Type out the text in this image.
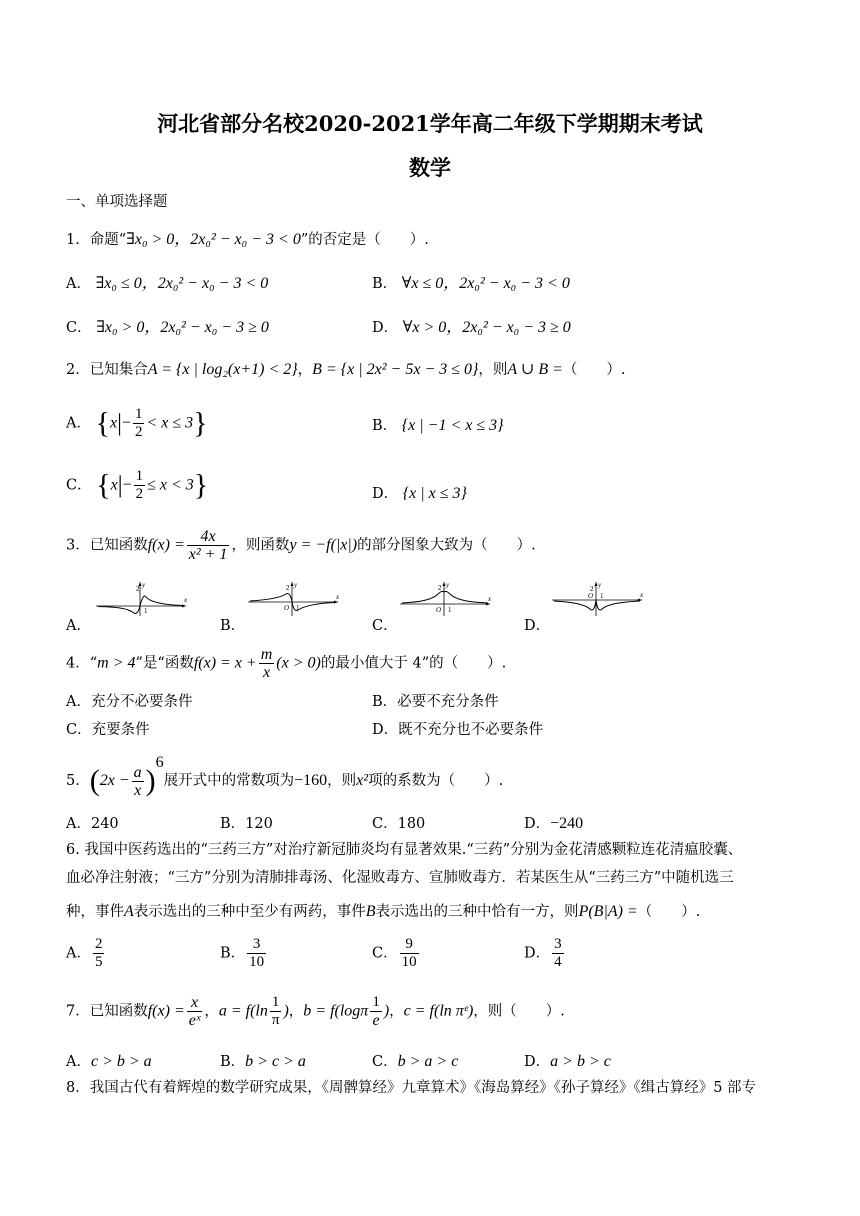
河北省部分名校2020-2021学年高二年级下学期期末考试
数学
一、单项选择题
1．命题“∃x₀ > 0，2x₀² − x₀ − 3 < 0”的否定是（　　）.
A． ∃x₀ ≤ 0，2x₀² − x₀ − 3 < 0	B． ∀x ≤ 0，2x₀² − x₀ − 3 < 0
C． ∃x₀ > 0，2x₀² − x₀ − 3 ≥ 0	D． ∀x > 0，2x₀² − x₀ − 3 ≥ 0
2．已知集合A = {x | log₂(x+1) < 2}，B = {x | 2x² − 5x − 3 ≤ 0}，则A ∪ B =（　　）.
A． $\{x|- \frac{1}{2} < x \le 3\}$	B． {x | −1 < x ≤ 3}
C． $\{x|- \frac{1}{2} \le x < 3\}$	D． {x | x ≤ 3}
3．已知函数$f(x) = \frac{4x}{\text{x² + 1}}$ ，则函数y = −f(|x|)的部分图象大致为（　　）.
A．
2 y
1
x
B．
2 y
O 1
x
C．
2 y
O 1
x
D．
2 y
O 1	x
4．“m > 4”是“函数$f(x) = x + \frac{m}{x} (x > 0)$的最小值大于 4”的（　　）.
A．充分不必要条件	B．必要不充分条件
C．充要条件	D．既不充分也不必要条件
5．$(2x - \frac{a}{x} )^6$展开式中的常数项为−160，则x²项的系数为（　　）.
A．240	B．120	C．180	D．−240
6. 我国中医药选出的“三药三方”对治疗新冠肺炎均有显著效果.“三药”分别为金花清感颗粒连花清瘟胶囊、
血必净注射液；“三方”分别为清肺排毒汤、化湿败毒方、宣肺败毒方．若某医生从“三药三方”中随机选三
种，事件A表示选出的三种中至少有两药，事件B表示选出的三种中恰有一方，则P(B|A) =（　　）.
A． $\frac{2}{5}$	B． $\frac{3}{10}$	C． $\frac{9}{10}$	D． $\frac{3}{4}$
7．已知函数$f(x) = \frac{x}{\text{eˣ}}$ ，$a = f(\ln \frac{1}{\pi}$ )，$b = f(\log\pi \frac{1}{e}$ )，c = f(ln πᵉ)，则（　　）.
A．c > b > a	B．b > c > a	C．b > a > c	D．a > b > c
8．我国古代有着辉煌的数学研究成果，《周髀算经》九章算术》《海岛算经》《孙子算经》《缉古算经》5 部专
